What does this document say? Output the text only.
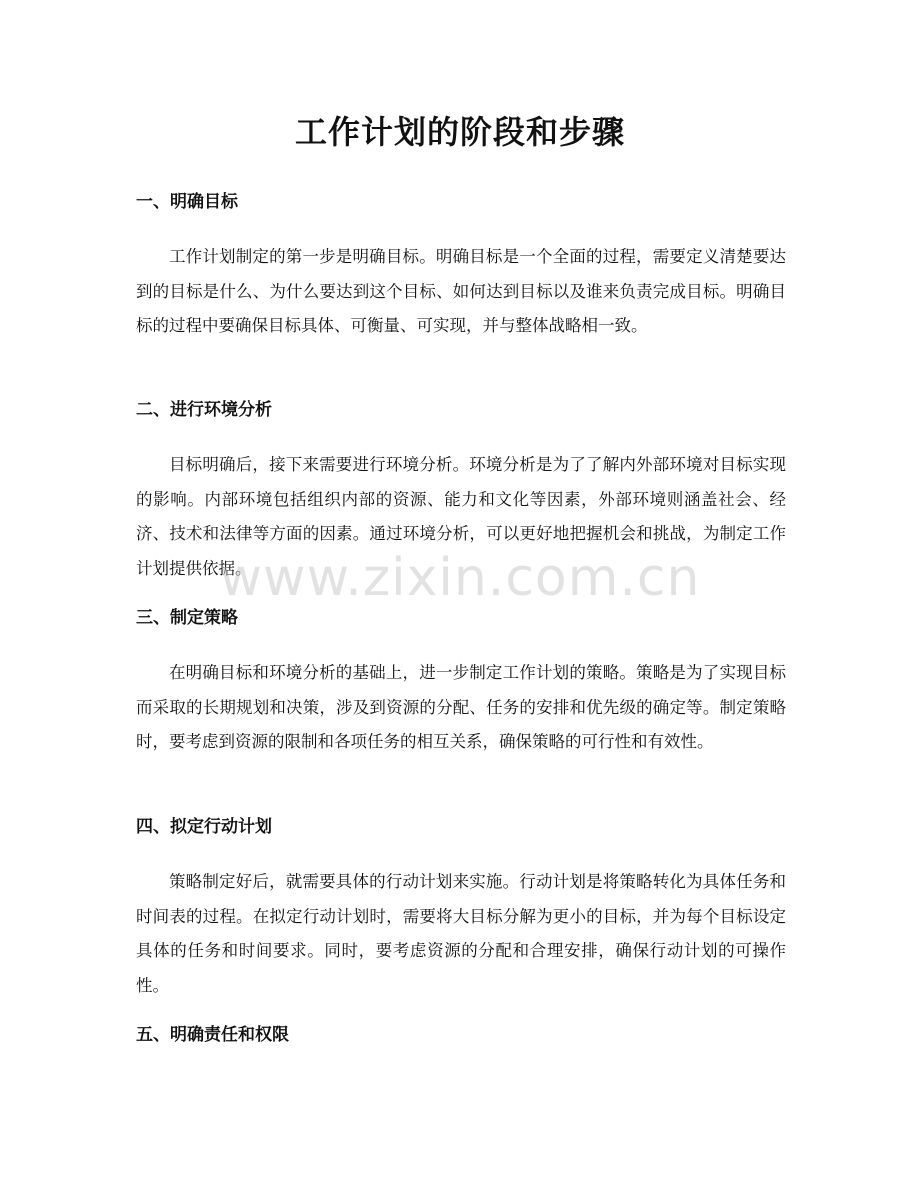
工作计划的阶段和步骤
一、明确目标

工作计划制定的第一步是明确目标。明确目标是一个全面的过程，需要定义清楚要达到的目标是什么、为什么要达到这个目标、如何达到目标以及谁来负责完成目标。明确目标的过程中要确保目标具体、可衡量、可实现，并与整体战略相一致。

二、进行环境分析

目标明确后，接下来需要进行环境分析。环境分析是为了了解内外部环境对目标实现的影响。内部环境包括组织内部的资源、能力和文化等因素，外部环境则涵盖社会、经济、技术和法律等方面的因素。通过环境分析，可以更好地把握机会和挑战，为制定工作计划提供依据。

三、制定策略

在明确目标和环境分析的基础上，进一步制定工作计划的策略。策略是为了实现目标而采取的长期规划和决策，涉及到资源的分配、任务的安排和优先级的确定等。制定策略时，要考虑到资源的限制和各项任务的相互关系，确保策略的可行性和有效性。

四、拟定行动计划

策略制定好后，就需要具体的行动计划来实施。行动计划是将策略转化为具体任务和时间表的过程。在拟定行动计划时，需要将大目标分解为更小的目标，并为每个目标设定具体的任务和时间要求。同时，要考虑资源的分配和合理安排，确保行动计划的可操作性。

五、明确责任和权限
www.zixin.com.cn
